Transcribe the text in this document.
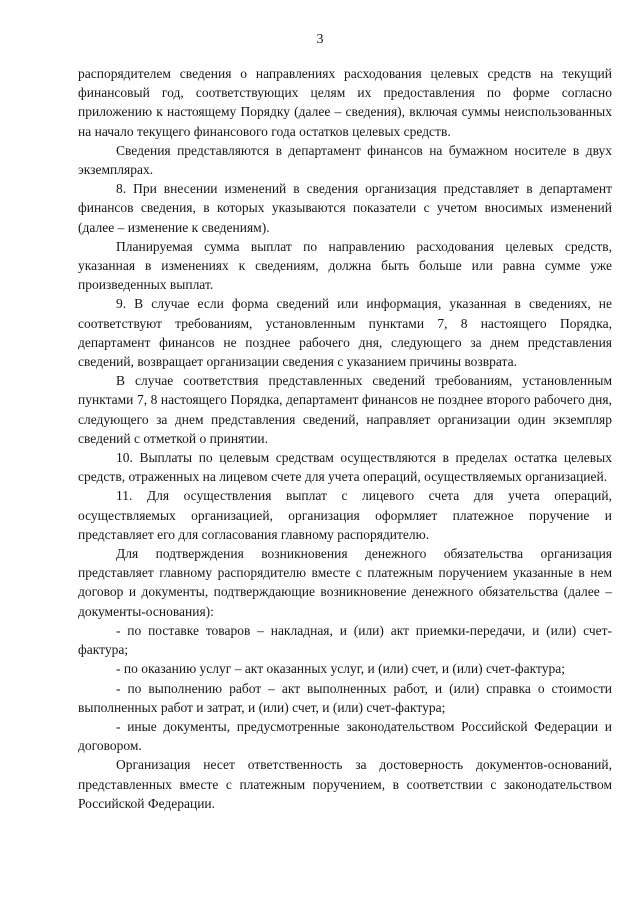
3

распорядителем сведения о направлениях расходования целевых средств на текущий финансовый год, соответствующих целям их предоставления по форме согласно приложению к настоящему Порядку (далее – сведения), включая суммы неиспользованных на начало текущего финансового года остатков целевых средств.

Сведения представляются в департамент финансов на бумажном носителе в двух экземплярах.

8. При внесении изменений в сведения организация представляет в департамент финансов сведения, в которых указываются показатели с учетом вносимых изменений (далее – изменение к сведениям).

Планируемая сумма выплат по направлению расходования целевых средств, указанная в изменениях к сведениям, должна быть больше или равна сумме уже произведенных выплат.

9. В случае если форма сведений или информация, указанная в сведениях, не соответствуют требованиям, установленным пунктами 7, 8 настоящего Порядка, департамент финансов не позднее рабочего дня, следующего за днем представления сведений, возвращает организации сведения с указанием причины возврата.

В случае соответствия представленных сведений требованиям, установленным пунктами 7, 8 настоящего Порядка, департамент финансов не позднее второго рабочего дня, следующего за днем представления сведений, направляет организации один экземпляр сведений с отметкой о принятии.

10. Выплаты по целевым средствам осуществляются в пределах остатка целевых средств, отраженных на лицевом счете для учета операций, осуществляемых организацией.

11. Для осуществления выплат с лицевого счета для учета операций, осуществляемых организацией, организация оформляет платежное поручение и представляет его для согласования главному распорядителю.

Для подтверждения возникновения денежного обязательства организация представляет главному распорядителю вместе с платежным поручением указанные в нем договор и документы, подтверждающие возникновение денежного обязательства (далее – документы-основания):

- по поставке товаров – накладная, и (или) акт приемки-передачи, и (или) счет-фактура;

- по оказанию услуг – акт оказанных услуг, и (или) счет, и (или) счет-фактура;

- по выполнению работ – акт выполненных работ, и (или) справка о стоимости выполненных работ и затрат, и (или) счет, и (или) счет-фактура;

- иные документы, предусмотренные законодательством Российской Федерации и договором.

Организация несет ответственность за достоверность документов-оснований, представленных вместе с платежным поручением, в соответствии с законодательством Российской Федерации.
